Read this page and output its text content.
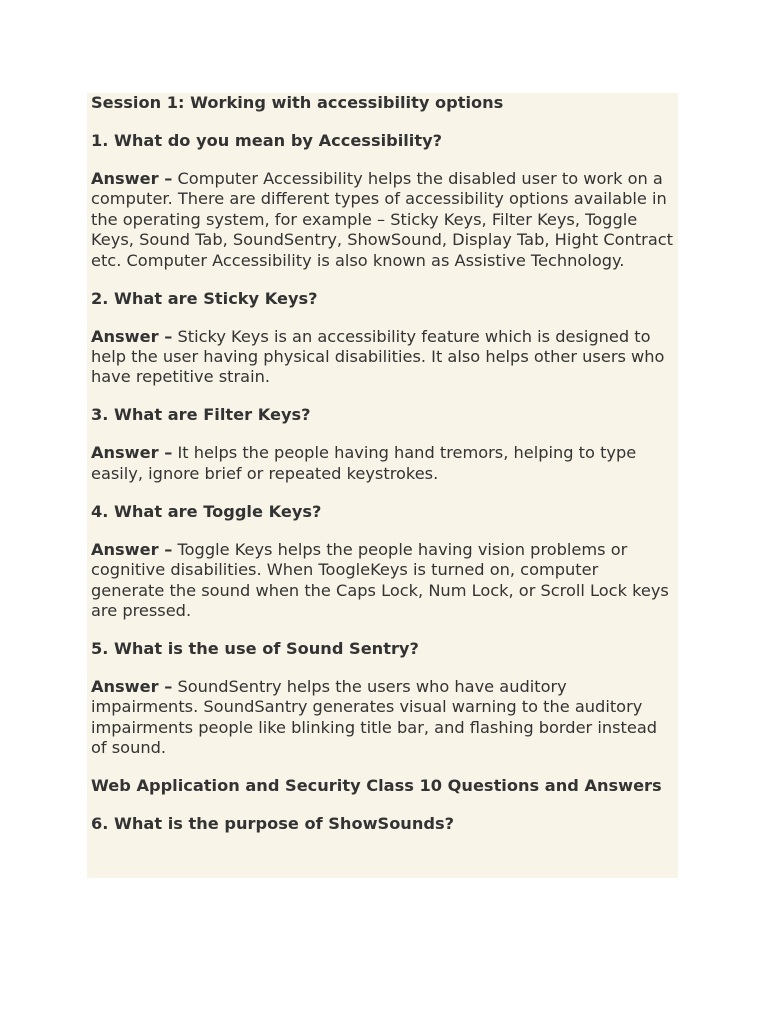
Session 1: Working with accessibility options

1. What do you mean by Accessibility?

Answer – Computer Accessibility helps the disabled user to work on a computer. There are different types of accessibility options available in the operating system, for example – Sticky Keys, Filter Keys, Toggle Keys, Sound Tab, SoundSentry, ShowSound, Display Tab, Hight Contract etc. Computer Accessibility is also known as Assistive Technology.

2. What are Sticky Keys?

Answer – Sticky Keys is an accessibility feature which is designed to help the user having physical disabilities. It also helps other users who have repetitive strain.

3. What are Filter Keys?

Answer – It helps the people having hand tremors, helping to type easily, ignore brief or repeated keystrokes.

4. What are Toggle Keys?

Answer – Toggle Keys helps the people having vision problems or cognitive disabilities. When ToogleKeys is turned on, computer generate the sound when the Caps Lock, Num Lock, or Scroll Lock keys are pressed.

5. What is the use of Sound Sentry?

Answer – SoundSentry helps the users who have auditory impairments. SoundSantry generates visual warning to the auditory impairments people like blinking title bar, and flashing border instead of sound.

Web Application and Security Class 10 Questions and Answers

6. What is the purpose of ShowSounds?
